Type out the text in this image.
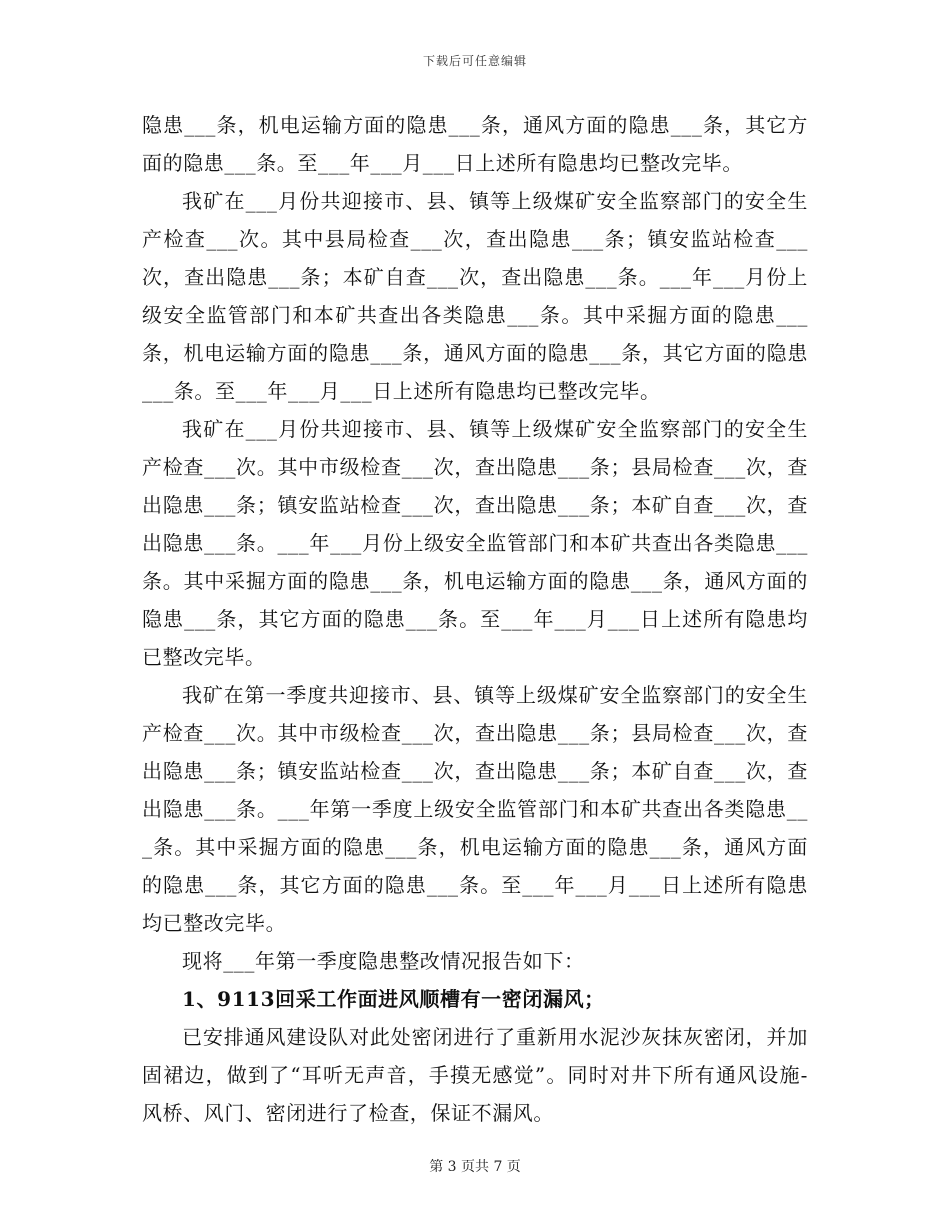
下载后可任意编辑

隐患___条，机电运输方面的隐患___条，通风方面的隐患___条，其它方面的隐患___条。至___年___月___日上述所有隐患均已整改完毕。

我矿在___月份共迎接市、县、镇等上级煤矿安全监察部门的安全生产检查___次。其中县局检查___次，查出隐患___条；镇安监站检查___次，查出隐患___条；本矿自查___次，查出隐患___条。___年___月份上级安全监管部门和本矿共查出各类隐患___条。其中采掘方面的隐患___条，机电运输方面的隐患___条，通风方面的隐患___条，其它方面的隐患___条。至___年___月___日上述所有隐患均已整改完毕。

我矿在___月份共迎接市、县、镇等上级煤矿安全监察部门的安全生产检查___次。其中市级检查___次，查出隐患___条；县局检查___次，查出隐患___条；镇安监站检查___次，查出隐患___条；本矿自查___次，查出隐患___条。___年___月份上级安全监管部门和本矿共查出各类隐患___条。其中采掘方面的隐患___条，机电运输方面的隐患___条，通风方面的隐患___条，其它方面的隐患___条。至___年___月___日上述所有隐患均已整改完毕。

我矿在第一季度共迎接市、县、镇等上级煤矿安全监察部门的安全生产检查___次。其中市级检查___次，查出隐患___条；县局检查___次，查出隐患___条；镇安监站检查___次，查出隐患___条；本矿自查___次，查出隐患___条。___年第一季度上级安全监管部门和本矿共查出各类隐患___条。其中采掘方面的隐患___条，机电运输方面的隐患___条，通风方面的隐患___条，其它方面的隐患___条。至___年___月___日上述所有隐患均已整改完毕。

现将___年第一季度隐患整改情况报告如下：

1、9113回采工作面进风顺槽有一密闭漏风；

已安排通风建设队对此处密闭进行了重新用水泥沙灰抹灰密闭，并加固裙边，做到了“耳听无声音，手摸无感觉”。同时对井下所有通风设施-风桥、风门、密闭进行了检查，保证不漏风。

第 3 页共 7 页
